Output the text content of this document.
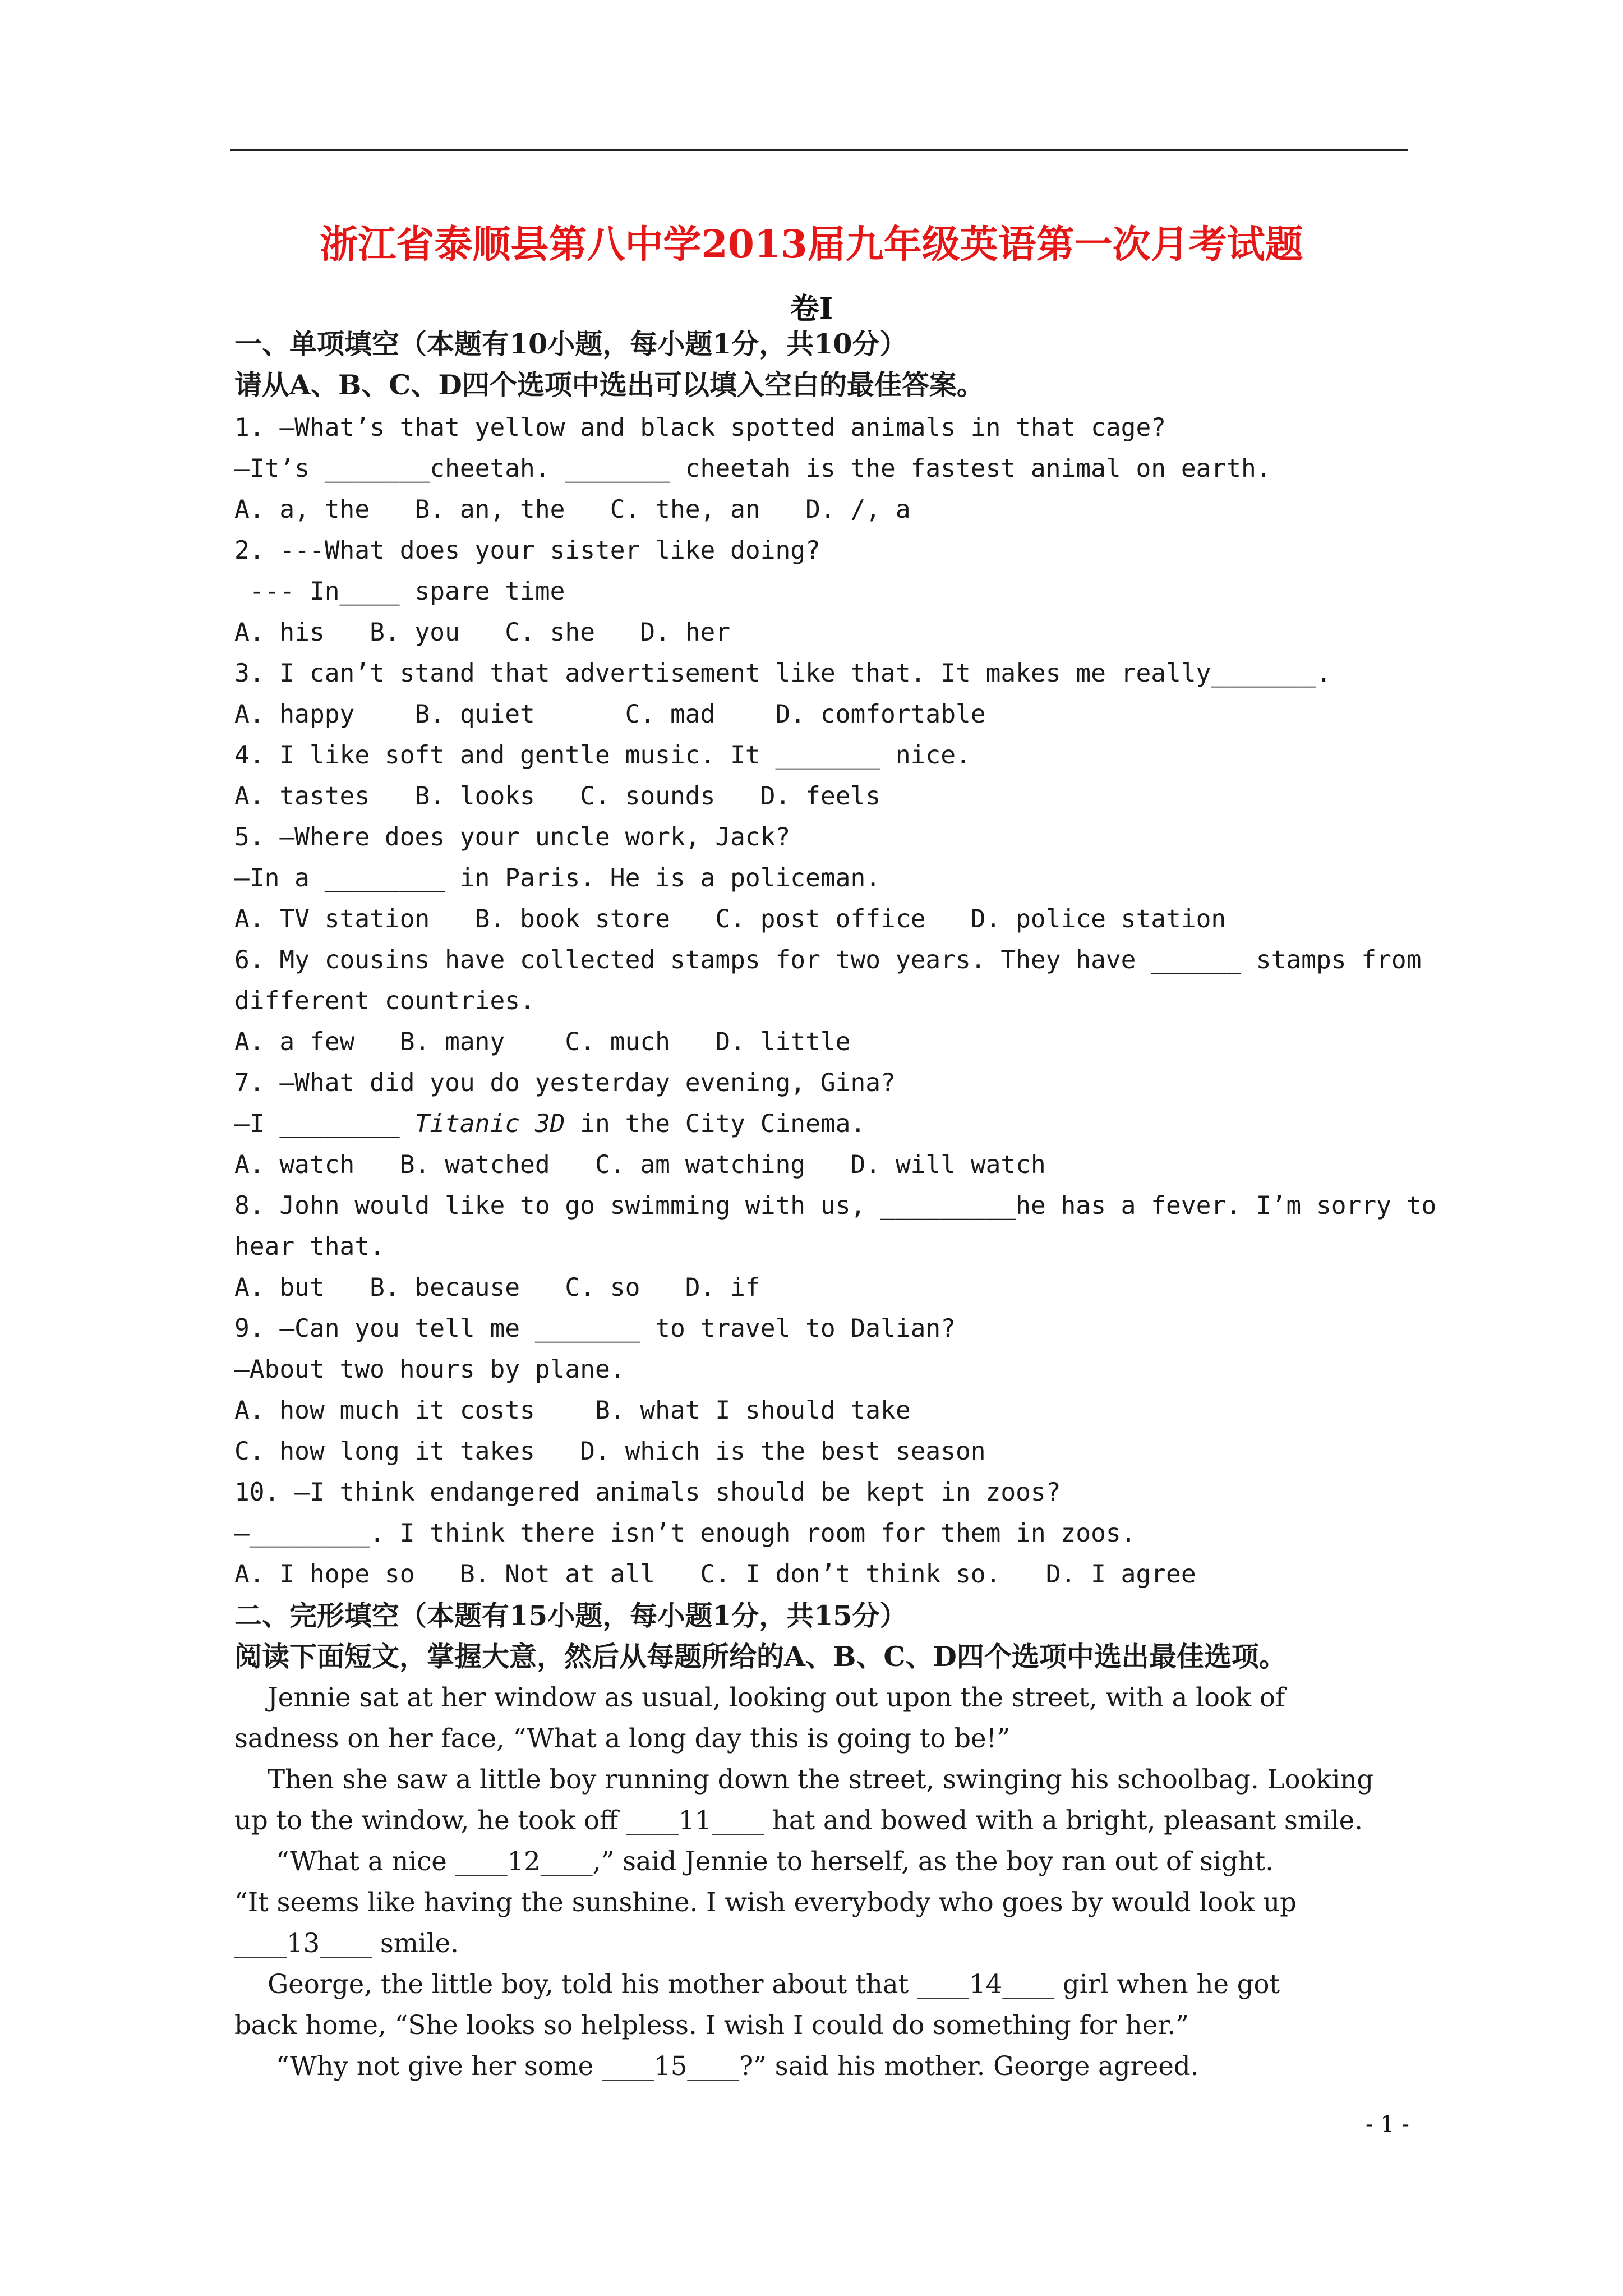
浙江省泰顺县第八中学2013届九年级英语第一次月考试题
卷Ⅰ
一、单项填空（本题有10小题，每小题1分，共10分）
请从A、B、C、D四个选项中选出可以填入空白的最佳答案。
1. —What’s that yellow and black spotted animals in that cage?
—It’s _______cheetah. _______ cheetah is the fastest animal on earth.
A. a, the   B. an, the   C. the, an   D. /, a
2. ---What does your sister like doing?
--- In____ spare time
A. his   B. you   C. she   D. her
3. I can’t stand that advertisement like that. It makes me really_______.
A. happy    B. quiet      C. mad    D. comfortable
4. I like soft and gentle music. It _______ nice.
A. tastes   B. looks   C. sounds   D. feels
5. —Where does your uncle work, Jack?
—In a ________ in Paris. He is a policeman.
A. TV station   B. book store   C. post office   D. police station
6. My cousins have collected stamps for two years. They have ______ stamps from
different countries.
A. a few   B. many    C. much   D. little
7. —What did you do yesterday evening, Gina?
—I ________ Titanic 3D in the City Cinema.
A. watch   B. watched   C. am watching   D. will watch
8. John would like to go swimming with us, _________he has a fever. I’m sorry to
hear that.
A. but   B. because   C. so   D. if
9. —Can you tell me _______ to travel to Dalian?
—About two hours by plane.
A. how much it costs    B. what I should take
C. how long it takes   D. which is the best season
10. —I think endangered animals should be kept in zoos?
—________. I think there isn’t enough room for them in zoos.
A. I hope so   B. Not at all   C. I don’t think so.   D. I agree
二、完形填空（本题有15小题，每小题1分，共15分）
阅读下面短文，掌握大意，然后从每题所给的A、B、C、D四个选项中选出最佳选项。
Jennie sat at her window as usual, looking out upon the street, with a look of
sadness on her face, “What a long day this is going to be!”
Then she saw a little boy running down the street, swinging his schoolbag. Looking
up to the window, he took off ____11____ hat and bowed with a bright, pleasant smile.
“What a nice ____12____,” said Jennie to herself, as the boy ran out of sight.
“It seems like having the sunshine. I wish everybody who goes by would look up
____13____ smile.
George, the little boy, told his mother about that ____14____ girl when he got
back home, “She looks so helpless. I wish I could do something for her.”
“Why not give her some ____15____?” said his mother. George agreed.
- 1 -
